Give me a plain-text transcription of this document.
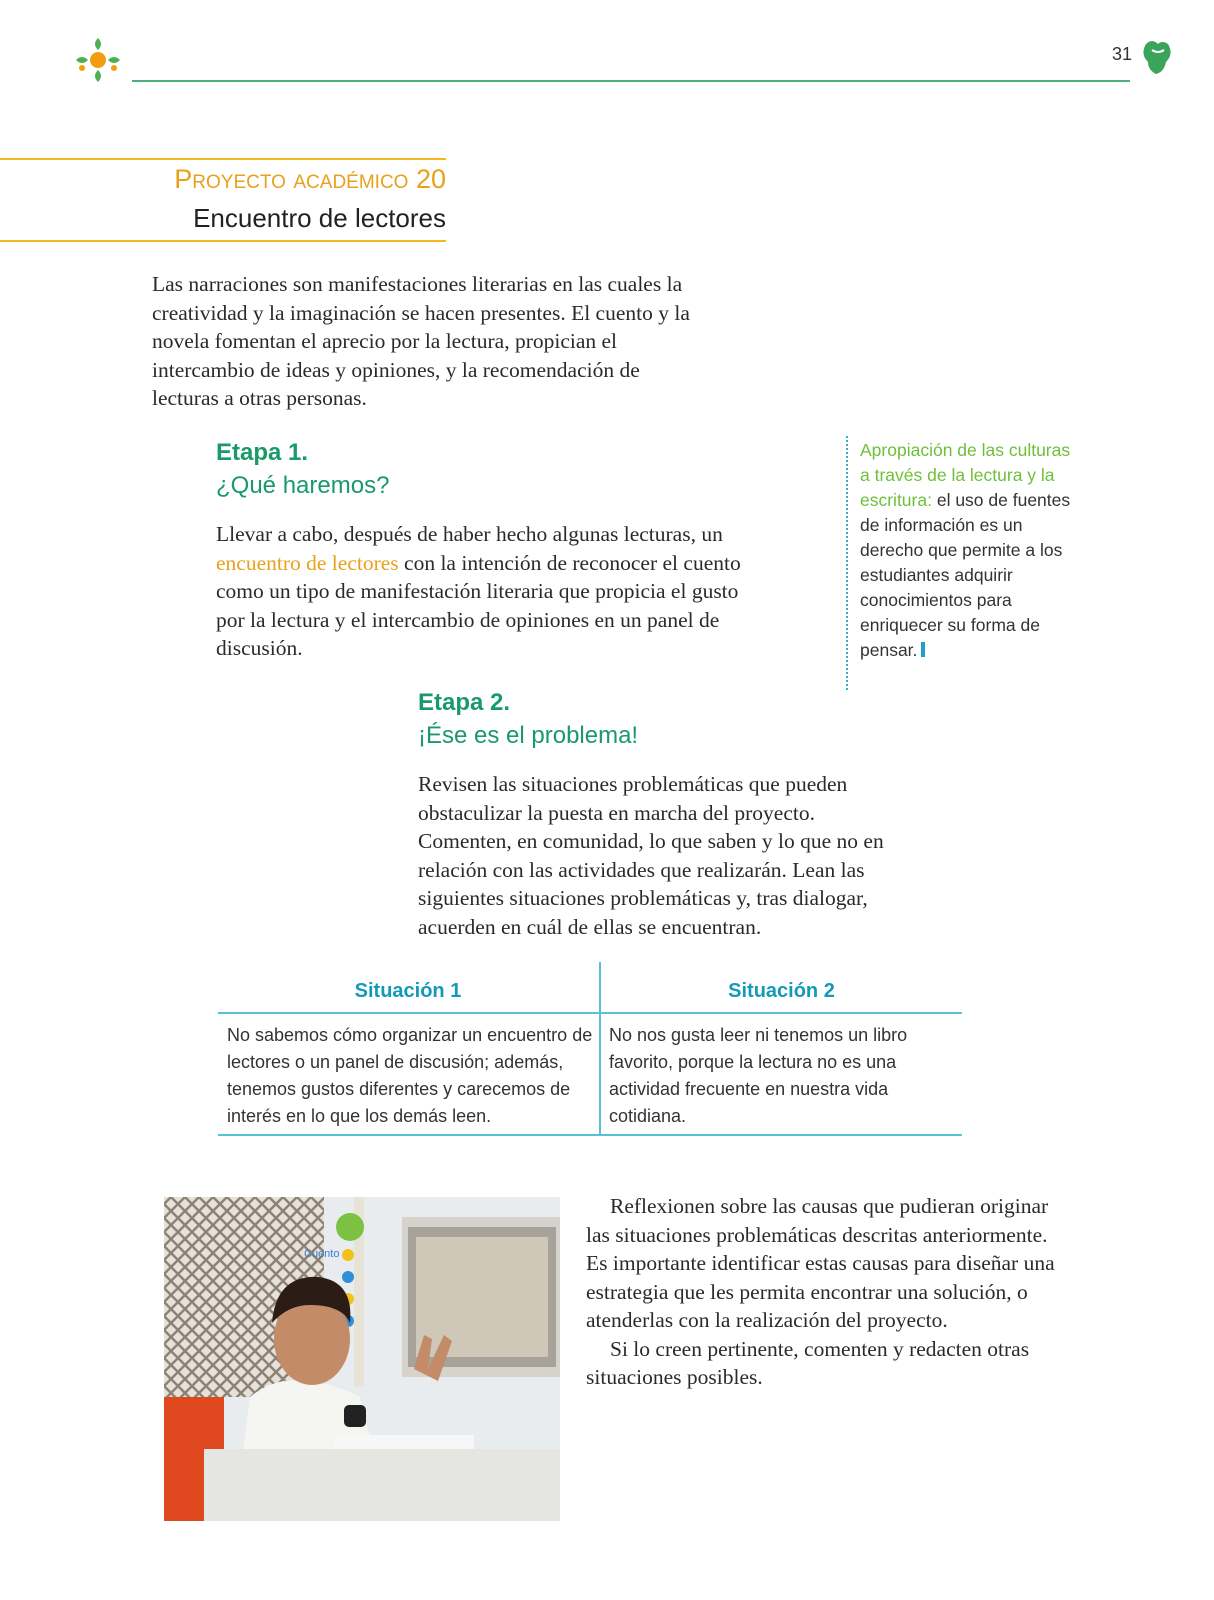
31
Proyecto académico 20
Encuentro de lectores
Las narraciones son manifestaciones literarias en las cuales la creatividad y la imaginación se hacen presentes. El cuento y la novela fomentan el aprecio por la lectura, propician el intercambio de ideas y opiniones, y la recomendación de lecturas a otras personas.
Etapa 1.
¿Qué haremos?
Llevar a cabo, después de haber hecho algunas lecturas, un encuentro de lectores con la intención de reconocer el cuento como un tipo de manifestación literaria que propicia el gusto por la lectura y el intercambio de opiniones en un panel de discusión.
Apropiación de las culturas a través de la lectura y la escritura: el uso de fuentes de información es un derecho que permite a los estudiantes adquirir conocimientos para enriquecer su forma de pensar.
Etapa 2.
¡Ése es el problema!
Revisen las situaciones problemáticas que pueden obstaculizar la puesta en marcha del proyecto. Comenten, en comunidad, lo que saben y lo que no en relación con las actividades que realizarán. Lean las siguientes situaciones problemáticas y, tras dialogar, acuerden en cuál de ellas se encuentran.
Situación 1	Situación 2
No sabemos cómo organizar un encuentro de lectores o un panel de discusión; además, tenemos gustos diferentes y carecemos de interés en lo que los demás leen.
No nos gusta leer ni tenemos un libro favorito, porque la lectura no es una actividad frecuente en nuestra vida cotidiana.
Cuento

Reflexionen sobre las causas que pudieran originar las situaciones problemáticas descritas anteriormente. Es importante identificar estas causas para diseñar una estrategia que les permita encontrar una solución, o atenderlas con la realización del proyecto.

Si lo creen pertinente, comenten y redacten otras situaciones posibles.
